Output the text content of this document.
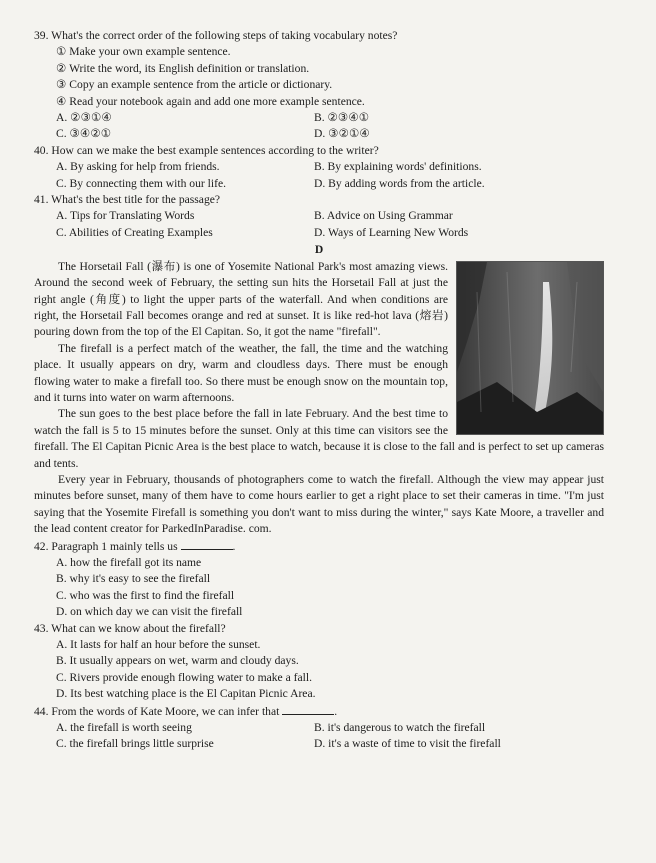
39. What's the correct order of the following steps of taking vocabulary notes?

① Make your own example sentence.
② Write the word, its English definition or translation.
③ Copy an example sentence from the article or dictionary.
④ Read your notebook again and add one more example sentence.
A. ②③①④	B. ②③④①
C. ③④②①	D. ③②①④

40. How can we make the best example sentences according to the writer?

A. By asking for help from friends.	B. By explaining words' definitions.
C. By connecting them with our life.	D. By adding words from the article.

41. What's the best title for the passage?

A. Tips for Translating Words	B. Advice on Using Grammar
C. Abilities of Creating Examples	D. Ways of Learning New Words
D

The Horsetail Fall (瀑布) is one of Yosemite National Park's most amazing views. Around the second week of February, the setting sun hits the Horsetail Fall at just the right angle (角度) to light the upper parts of the waterfall. And when conditions are right, the Horsetail Fall becomes orange and red at sunset. It is like red-hot lava (熔岩) pouring down from the top of the El Capitan. So, it got the name "firefall".

The firefall is a perfect match of the weather, the fall, the time and the watching place. It usually appears on dry, warm and cloudless days. There must be enough flowing water to make a firefall too. So there must be enough snow on the mountain top, and it turns into water on warm afternoons.

The sun goes to the best place before the fall in late February. And the best time to watch the fall is 5 to 15 minutes before the sunset. Only at this time can visitors see the firefall. The El Capitan Picnic Area is the best place to watch, because it is close to the fall and is perfect to set up cameras and tents.

Every year in February, thousands of photographers come to watch the firefall. Although the view may appear just minutes before sunset, many of them have to come hours earlier to get a right place to set their cameras in time. "I'm just saying that the Yosemite Firefall is something you don't want to miss during the winter," says Kate Moore, a traveller and the lead content creator for ParkedInParadise. com.

42. Paragraph 1 mainly tells us	.

A. how the firefall got its name
B. why it's easy to see the firefall
C. who was the first to find the firefall
D. on which day we can visit the firefall

43. What can we know about the firefall?

A. It lasts for half an hour before the sunset.
B. It usually appears on wet, warm and cloudy days.
C. Rivers provide enough flowing water to make a fall.
D. Its best watching place is the El Capitan Picnic Area.

44. From the words of Kate Moore, we can infer that	.

A. the firefall is worth seeing	B. it's dangerous to watch the firefall
C. the firefall brings little surprise	D. it's a waste of time to visit the firefall
